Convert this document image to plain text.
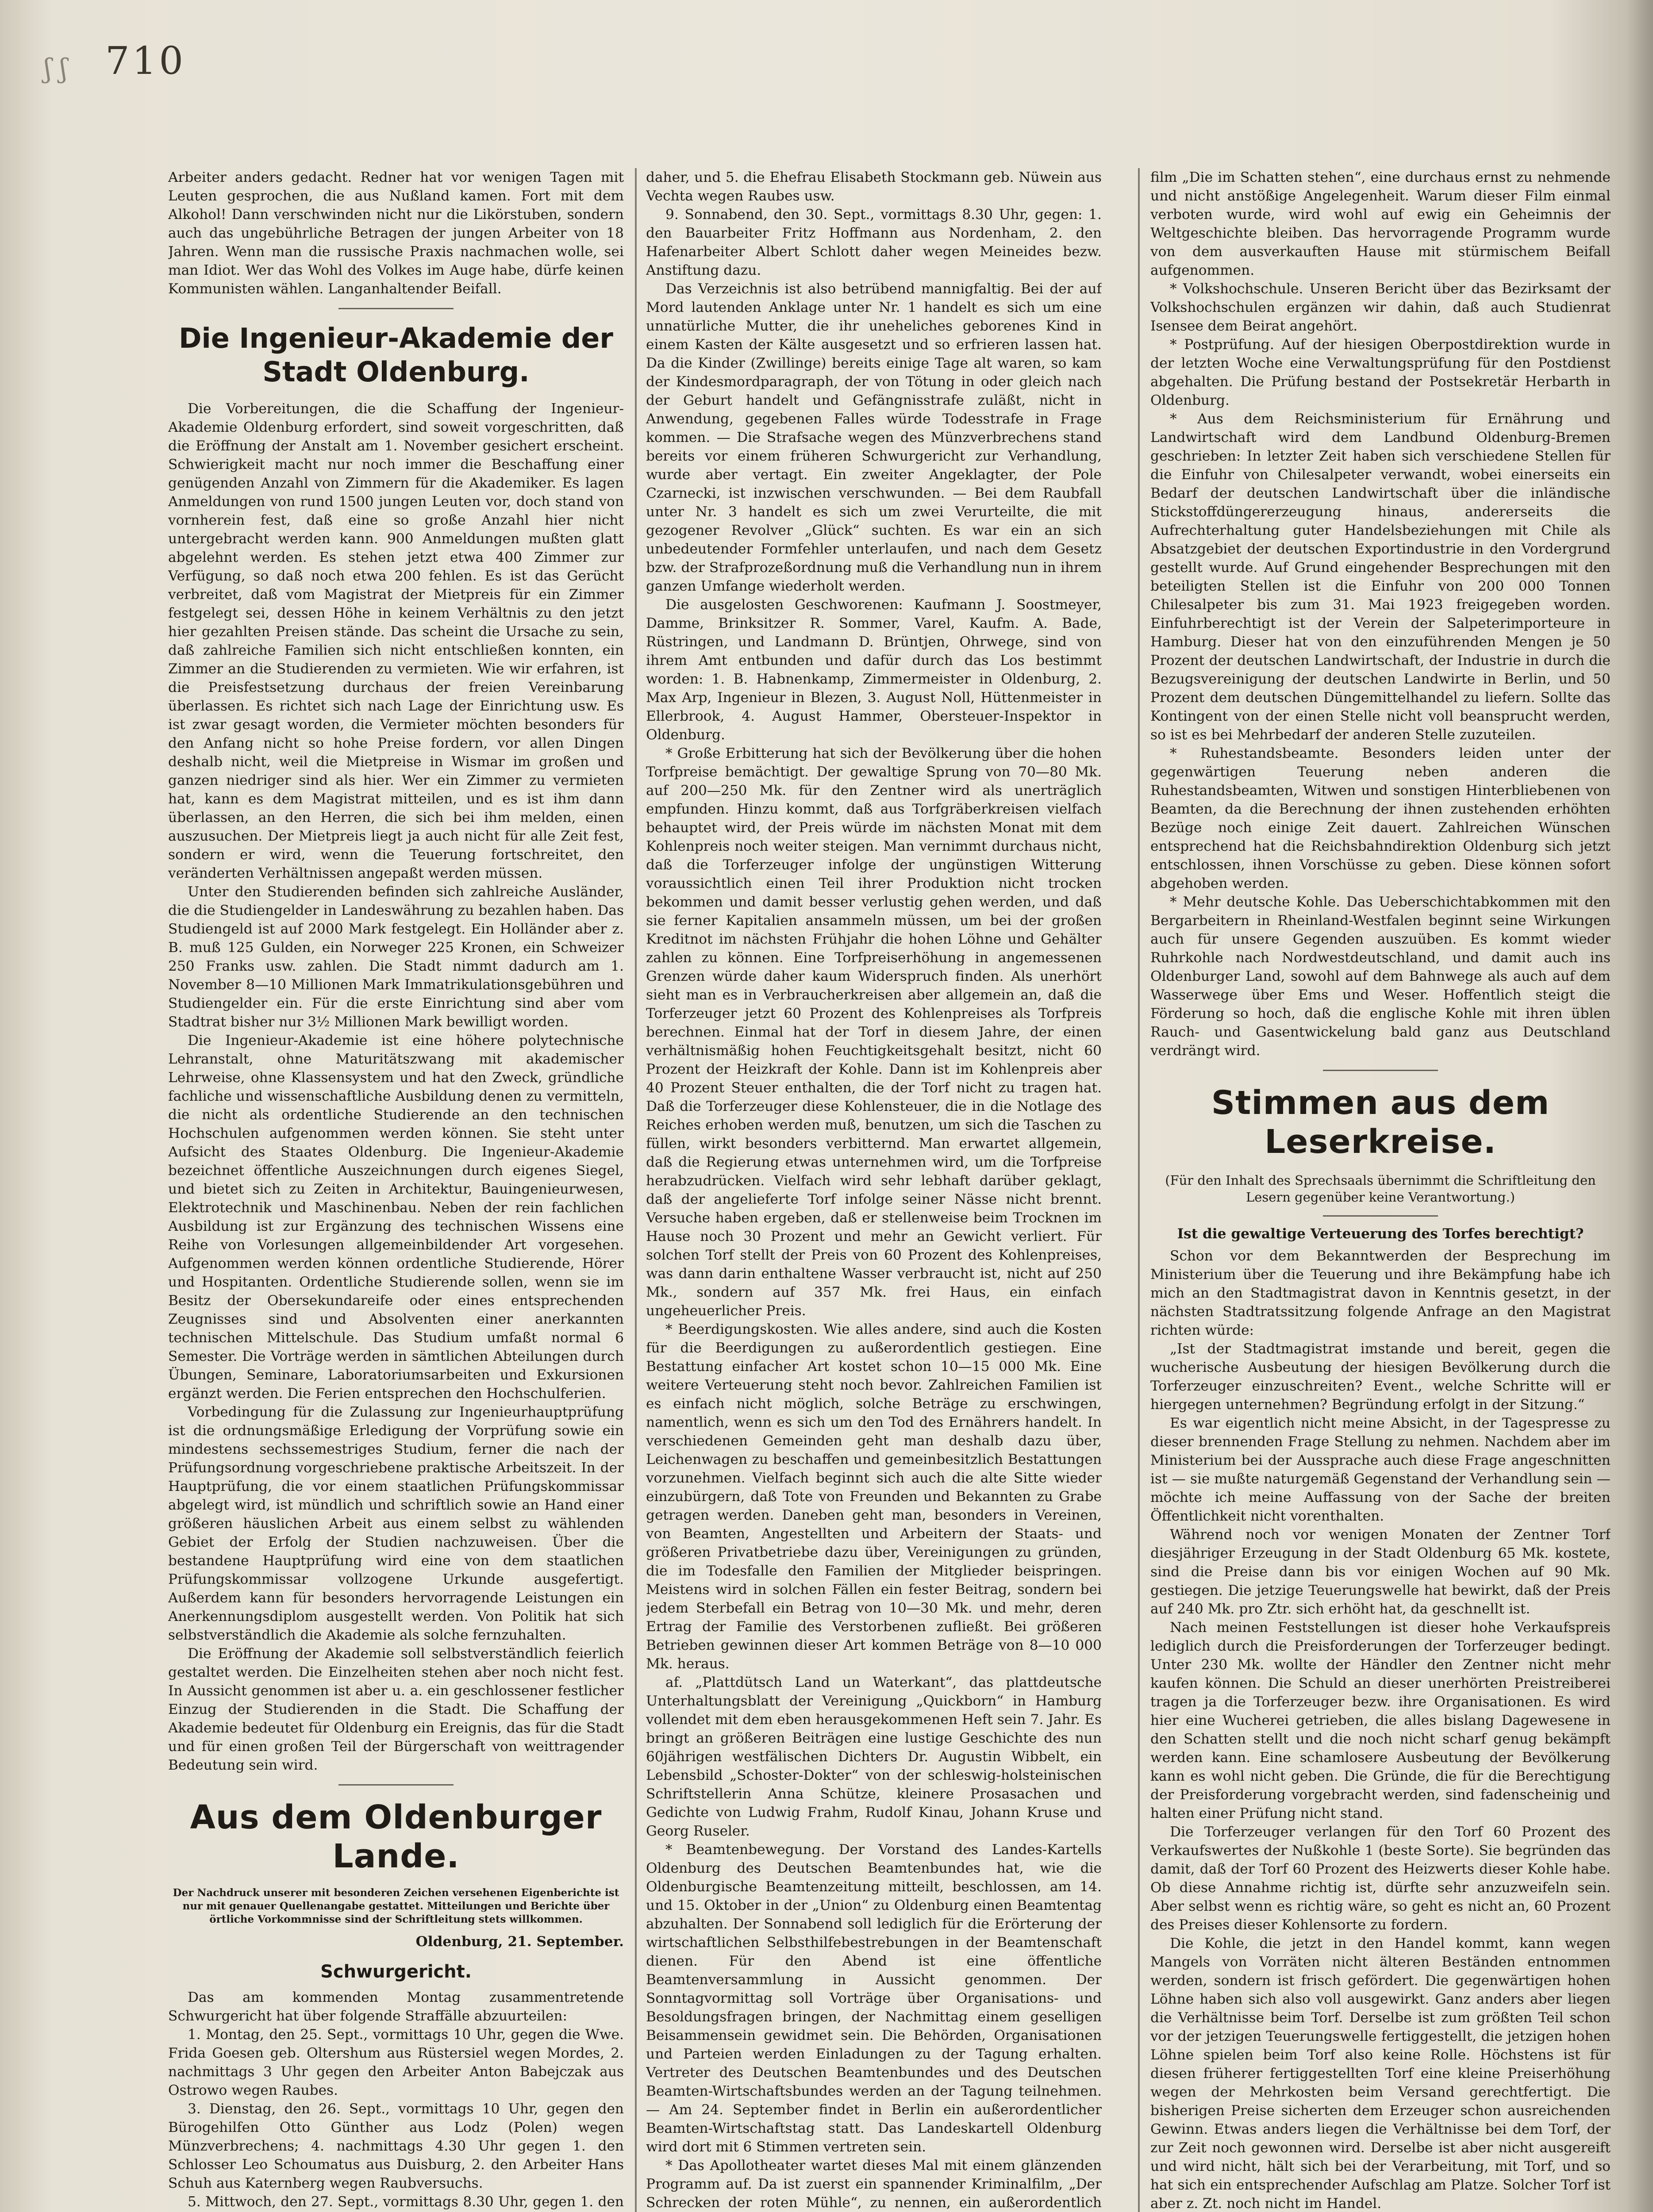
ʃ ʃ 710

Arbeiter anders gedacht. Redner hat vor wenigen Tagen mit Leuten gesprochen, die aus Nußland kamen. Fort mit dem Alkohol! Dann verschwinden nicht nur die Likörstuben, sondern auch das ungebührliche Betragen der jungen Arbeiter von 18 Jahren. Wenn man die russische Praxis nachmachen wolle, sei man Idiot. Wer das Wohl des Volkes im Auge habe, dürfe keinen Kommunisten wählen. Langanhaltender Beifall.

Die Ingenieur-Akademie der Stadt Oldenburg.

Die Vorbereitungen, die die Schaffung der Ingenieur-Akademie Oldenburg erfordert, sind soweit vorgeschritten, daß die Eröffnung der Anstalt am 1. November gesichert erscheint. Schwierigkeit macht nur noch immer die Beschaffung einer genügenden Anzahl von Zimmern für die Akademiker. Es lagen Anmeldungen von rund 1500 jungen Leuten vor, doch stand von vornherein fest, daß eine so große Anzahl hier nicht untergebracht werden kann. 900 Anmeldungen mußten glatt abgelehnt werden. Es stehen jetzt etwa 400 Zimmer zur Verfügung, so daß noch etwa 200 fehlen. Es ist das Gerücht verbreitet, daß vom Magistrat der Mietpreis für ein Zimmer festgelegt sei, dessen Höhe in keinem Verhältnis zu den jetzt hier gezahlten Preisen stände. Das scheint die Ursache zu sein, daß zahlreiche Familien sich nicht entschließen konnten, ein Zimmer an die Studierenden zu vermieten. Wie wir erfahren, ist die Preisfestsetzung durchaus der freien Vereinbarung überlassen. Es richtet sich nach Lage der Einrichtung usw. Es ist zwar gesagt worden, die Vermieter möchten besonders für den Anfang nicht so hohe Preise fordern, vor allen Dingen deshalb nicht, weil die Mietpreise in Wismar im großen und ganzen niedriger sind als hier. Wer ein Zimmer zu vermieten hat, kann es dem Magistrat mitteilen, und es ist ihm dann überlassen, an den Herren, die sich bei ihm melden, einen auszusuchen. Der Mietpreis liegt ja auch nicht für alle Zeit fest, sondern er wird, wenn die Teuerung fortschreitet, den veränderten Verhältnissen angepaßt werden müssen.

Unter den Studierenden befinden sich zahlreiche Ausländer, die die Studiengelder in Landeswährung zu bezahlen haben. Das Studiengeld ist auf 2000 Mark festgelegt. Ein Holländer aber z. B. muß 125 Gulden, ein Norweger 225 Kronen, ein Schweizer 250 Franks usw. zahlen. Die Stadt nimmt dadurch am 1. November 8—10 Millionen Mark Immatrikulationsgebühren und Studiengelder ein. Für die erste Einrichtung sind aber vom Stadtrat bisher nur 3½ Millionen Mark bewilligt worden.

Die Ingenieur-Akademie ist eine höhere polytechnische Lehranstalt, ohne Maturitätszwang mit akademischer Lehrweise, ohne Klassensystem und hat den Zweck, gründliche fachliche und wissenschaftliche Ausbildung denen zu vermitteln, die nicht als ordentliche Studierende an den technischen Hochschulen aufgenommen werden können. Sie steht unter Aufsicht des Staates Oldenburg. Die Ingenieur-Akademie bezeichnet öffentliche Auszeichnungen durch eigenes Siegel, und bietet sich zu Zeiten in Architektur, Bauingenieurwesen, Elektrotechnik und Maschinenbau. Neben der rein fachlichen Ausbildung ist zur Ergänzung des technischen Wissens eine Reihe von Vorlesungen allgemeinbildender Art vorgesehen. Aufgenommen werden können ordentliche Studierende, Hörer und Hospitanten. Ordentliche Studierende sollen, wenn sie im Besitz der Obersekundareife oder eines entsprechenden Zeugnisses sind und Absolventen einer anerkannten technischen Mittelschule. Das Studium umfaßt normal 6 Semester. Die Vorträge werden in sämtlichen Abteilungen durch Übungen, Seminare, Laboratoriumsarbeiten und Exkursionen ergänzt werden. Die Ferien entsprechen den Hochschulferien.

Vorbedingung für die Zulassung zur Ingenieurhauptprüfung ist die ordnungsmäßige Erledigung der Vorprüfung sowie ein mindestens sechssemestriges Studium, ferner die nach der Prüfungsordnung vorgeschriebene praktische Arbeitszeit. In der Hauptprüfung, die vor einem staatlichen Prüfungskommissar abgelegt wird, ist mündlich und schriftlich sowie an Hand einer größeren häuslichen Arbeit aus einem selbst zu wählenden Gebiet der Erfolg der Studien nachzuweisen. Über die bestandene Hauptprüfung wird eine von dem staatlichen Prüfungskommissar vollzogene Urkunde ausgefertigt. Außerdem kann für besonders hervorragende Leistungen ein Anerkennungsdiplom ausgestellt werden. Von Politik hat sich selbstverständlich die Akademie als solche fernzuhalten.

Die Eröffnung der Akademie soll selbstverständlich feierlich gestaltet werden. Die Einzelheiten stehen aber noch nicht fest. In Aussicht genommen ist aber u. a. ein geschlossener festlicher Einzug der Studierenden in die Stadt. Die Schaffung der Akademie bedeutet für Oldenburg ein Ereignis, das für die Stadt und für einen großen Teil der Bürgerschaft von weittragender Bedeutung sein wird.

Aus dem Oldenburger Lande.
Der Nachdruck unserer mit besonderen Zeichen versehenen Eigenberichte ist nur mit genauer Quellenangabe gestattet. Mitteilungen und Berichte über örtliche Vorkommnisse sind der Schriftleitung stets willkommen.
Oldenburg, 21. September.
Schwurgericht.

Das am kommenden Montag zusammentretende Schwurgericht hat über folgende Straffälle abzuurteilen:

1. Montag, den 25. Sept., vormittags 10 Uhr, gegen die Wwe. Frida Goesen geb. Oltershum aus Rüstersiel wegen Mordes, 2. nachmittags 3 Uhr gegen den Arbeiter Anton Babejczak aus Ostrowo wegen Raubes.

3. Dienstag, den 26. Sept., vormittags 10 Uhr, gegen den Bürogehilfen Otto Günther aus Lodz (Polen) wegen Münzverbrechens; 4. nachmittags 4.30 Uhr gegen 1. den Schlosser Leo Schoumatus aus Duisburg, 2. den Arbeiter Hans Schuh aus Katernberg wegen Raubversuchs.

5. Mittwoch, den 27. Sept., vormittags 8.30 Uhr, gegen 1. den

daher, und 5. die Ehefrau Elisabeth Stockmann geb. Nüwein aus Vechta wegen Raubes usw.

9. Sonnabend, den 30. Sept., vormittags 8.30 Uhr, gegen: 1. den Bauarbeiter Fritz Hoffmann aus Nordenham, 2. den Hafenarbeiter Albert Schlott daher wegen Meineides bezw. Anstiftung dazu.

Das Verzeichnis ist also betrübend mannigfaltig. Bei der auf Mord lautenden Anklage unter Nr. 1 handelt es sich um eine unnatürliche Mutter, die ihr uneheliches geborenes Kind in einem Kasten der Kälte ausgesetzt und so erfrieren lassen hat. Da die Kinder (Zwillinge) bereits einige Tage alt waren, so kam der Kindesmordparagraph, der von Tötung in oder gleich nach der Geburt handelt und Gefängnisstrafe zuläßt, nicht in Anwendung, gegebenen Falles würde Todesstrafe in Frage kommen. — Die Strafsache wegen des Münzverbrechens stand bereits vor einem früheren Schwurgericht zur Verhandlung, wurde aber vertagt. Ein zweiter Angeklagter, der Pole Czarnecki, ist inzwischen verschwunden. — Bei dem Raubfall unter Nr. 3 handelt es sich um zwei Verurteilte, die mit gezogener Revolver „Glück“ suchten. Es war ein an sich unbedeutender Formfehler unterlaufen, und nach dem Gesetz bzw. der Strafprozeßordnung muß die Verhandlung nun in ihrem ganzen Umfange wiederholt werden.

Die ausgelosten Geschworenen: Kaufmann J. Soostmeyer, Damme, Brinksitzer R. Sommer, Varel, Kaufm. A. Bade, Rüstringen, und Landmann D. Brüntjen, Ohrwege, sind von ihrem Amt entbunden und dafür durch das Los bestimmt worden: 1. B. Habnenkamp, Zimmermeister in Oldenburg, 2. Max Arp, Ingenieur in Blezen, 3. August Noll, Hüttenmeister in Ellerbrook, 4. August Hammer, Obersteuer-Inspektor in Oldenburg.

* Große Erbitterung hat sich der Bevölkerung über die hohen Torfpreise bemächtigt. Der gewaltige Sprung von 70—80 Mk. auf 200—250 Mk. für den Zentner wird als unerträglich empfunden. Hinzu kommt, daß aus Torfgräberkreisen vielfach behauptet wird, der Preis würde im nächsten Monat mit dem Kohlenpreis noch weiter steigen. Man vernimmt durchaus nicht, daß die Torferzeuger infolge der ungünstigen Witterung voraussichtlich einen Teil ihrer Produktion nicht trocken bekommen und damit besser verlustig gehen werden, und daß sie ferner Kapitalien ansammeln müssen, um bei der großen Kreditnot im nächsten Frühjahr die hohen Löhne und Gehälter zahlen zu können. Eine Torfpreiserhöhung in angemessenen Grenzen würde daher kaum Widerspruch finden. Als unerhört sieht man es in Verbraucherkreisen aber allgemein an, daß die Torferzeuger jetzt 60 Prozent des Kohlenpreises als Torfpreis berechnen. Einmal hat der Torf in diesem Jahre, der einen verhältnismäßig hohen Feuchtigkeitsgehalt besitzt, nicht 60 Prozent der Heizkraft der Kohle. Dann ist im Kohlenpreis aber 40 Prozent Steuer enthalten, die der Torf nicht zu tragen hat. Daß die Torferzeuger diese Kohlensteuer, die in die Notlage des Reiches erhoben werden muß, benutzen, um sich die Taschen zu füllen, wirkt besonders verbitternd. Man erwartet allgemein, daß die Regierung etwas unternehmen wird, um die Torfpreise herabzudrücken. Vielfach wird sehr lebhaft darüber geklagt, daß der angelieferte Torf infolge seiner Nässe nicht brennt. Versuche haben ergeben, daß er stellenweise beim Trocknen im Hause noch 30 Prozent und mehr an Gewicht verliert. Für solchen Torf stellt der Preis von 60 Prozent des Kohlenpreises, was dann darin enthaltene Wasser verbraucht ist, nicht auf 250 Mk., sondern auf 357 Mk. frei Haus, ein einfach ungeheuerlicher Preis.

* Beerdigungskosten. Wie alles andere, sind auch die Kosten für die Beerdigungen zu außerordentlich gestiegen. Eine Bestattung einfacher Art kostet schon 10—15 000 Mk. Eine weitere Verteuerung steht noch bevor. Zahlreichen Familien ist es einfach nicht möglich, solche Beträge zu erschwingen, namentlich, wenn es sich um den Tod des Ernährers handelt. In verschiedenen Gemeinden geht man deshalb dazu über, Leichenwagen zu beschaffen und gemeinbesitzlich Bestattungen vorzunehmen. Vielfach beginnt sich auch die alte Sitte wieder einzubürgern, daß Tote von Freunden und Bekannten zu Grabe getragen werden. Daneben geht man, besonders in Vereinen, von Beamten, Angestellten und Arbeitern der Staats- und größeren Privatbetriebe dazu über, Vereinigungen zu gründen, die im Todesfalle den Familien der Mitglieder beispringen. Meistens wird in solchen Fällen ein fester Beitrag, sondern bei jedem Sterbefall ein Betrag von 10—30 Mk. und mehr, deren Ertrag der Familie des Verstorbenen zufließt. Bei größeren Betrieben gewinnen dieser Art kommen Beträge von 8—10 000 Mk. heraus.

af. „Plattdütsch Land un Waterkant“, das plattdeutsche Unterhaltungsblatt der Vereinigung „Quickborn“ in Hamburg vollendet mit dem eben herausgekommenen Heft sein 7. Jahr. Es bringt an größeren Beiträgen eine lustige Geschichte des nun 60jährigen westfälischen Dichters Dr. Augustin Wibbelt, ein Lebensbild „Schoster-Dokter“ von der schleswig-holsteinischen Schriftstellerin Anna Schütze, kleinere Prosasachen und Gedichte von Ludwig Frahm, Rudolf Kinau, Johann Kruse und Georg Ruseler.

* Beamtenbewegung. Der Vorstand des Landes-Kartells Oldenburg des Deutschen Beamtenbundes hat, wie die Oldenburgische Beamtenzeitung mitteilt, beschlossen, am 14. und 15. Oktober in der „Union“ zu Oldenburg einen Beamtentag abzuhalten. Der Sonnabend soll lediglich für die Erörterung der wirtschaftlichen Selbsthilfebestrebungen in der Beamtenschaft dienen. Für den Abend ist eine öffentliche Beamtenversammlung in Aussicht genommen. Der Sonntagvormittag soll Vorträge über Organisations- und Besoldungsfragen bringen, der Nachmittag einem geselligen Beisammensein gewidmet sein. Die Behörden, Organisationen und Parteien werden Einladungen zu der Tagung erhalten. Vertreter des Deutschen Beamtenbundes und des Deutschen Beamten-Wirtschaftsbundes werden an der Tagung teilnehmen. — Am 24. September findet in Berlin ein außerordentlicher Beamten-Wirtschaftstag statt. Das Landeskartell Oldenburg wird dort mit 6 Stimmen vertreten sein.

* Das Apollotheater wartet dieses Mal mit einem glänzenden Programm auf. Da ist zuerst ein spannender Kriminalfilm, „Der Schrecken der roten Mühle“, zu nennen, ein außerordentlich

film „Die im Schatten stehen“, eine durchaus ernst zu nehmende und nicht anstößige Angelegenheit. Warum dieser Film einmal verboten wurde, wird wohl auf ewig ein Geheimnis der Weltgeschichte bleiben. Das hervorragende Programm wurde von dem ausverkauften Hause mit stürmischem Beifall aufgenommen.

* Volkshochschule. Unseren Bericht über das Bezirksamt der Volkshochschulen ergänzen wir dahin, daß auch Studienrat Isensee dem Beirat angehört.

* Postprüfung. Auf der hiesigen Oberpostdirektion wurde in der letzten Woche eine Verwaltungsprüfung für den Postdienst abgehalten. Die Prüfung bestand der Postsekretär Herbarth in Oldenburg.

* Aus dem Reichsministerium für Ernährung und Landwirtschaft wird dem Landbund Oldenburg-Bremen geschrieben: In letzter Zeit haben sich verschiedene Stellen für die Einfuhr von Chilesalpeter verwandt, wobei einerseits ein Bedarf der deutschen Landwirtschaft über die inländische Stickstoffdüngererzeugung hinaus, andererseits die Aufrechterhaltung guter Handelsbeziehungen mit Chile als Absatzgebiet der deutschen Exportindustrie in den Vordergrund gestellt wurde. Auf Grund eingehender Besprechungen mit den beteiligten Stellen ist die Einfuhr von 200 000 Tonnen Chilesalpeter bis zum 31. Mai 1923 freigegeben worden. Einfuhrberechtigt ist der Verein der Salpeterimporteure in Hamburg. Dieser hat von den einzuführenden Mengen je 50 Prozent der deutschen Landwirtschaft, der Industrie in durch die Bezugsvereinigung der deutschen Landwirte in Berlin, und 50 Prozent dem deutschen Düngemittelhandel zu liefern. Sollte das Kontingent von der einen Stelle nicht voll beansprucht werden, so ist es bei Mehrbedarf der anderen Stelle zuzuteilen.

* Ruhestandsbeamte. Besonders leiden unter der gegenwärtigen Teuerung neben anderen die Ruhestandsbeamten, Witwen und sonstigen Hinterbliebenen von Beamten, da die Berechnung der ihnen zustehenden erhöhten Bezüge noch einige Zeit dauert. Zahlreichen Wünschen entsprechend hat die Reichsbahndirektion Oldenburg sich jetzt entschlossen, ihnen Vorschüsse zu geben. Diese können sofort abgehoben werden.

* Mehr deutsche Kohle. Das Ueberschichtabkommen mit den Bergarbeitern in Rheinland-Westfalen beginnt seine Wirkungen auch für unsere Gegenden auszuüben. Es kommt wieder Ruhrkohle nach Nordwestdeutschland, und damit auch ins Oldenburger Land, sowohl auf dem Bahnwege als auch auf dem Wasserwege über Ems und Weser. Hoffentlich steigt die Förderung so hoch, daß die englische Kohle mit ihren üblen Rauch- und Gasentwickelung bald ganz aus Deutschland verdrängt wird.

Stimmen aus dem Leserkreise.

(Für den Inhalt des Sprechsaals übernimmt die Schriftleitung den Lesern gegenüber keine Verantwortung.)

Ist die gewaltige Verteuerung des Torfes berechtigt?

Schon vor dem Bekanntwerden der Besprechung im Ministerium über die Teuerung und ihre Bekämpfung habe ich mich an den Stadtmagistrat davon in Kenntnis gesetzt, in der nächsten Stadtratssitzung folgende Anfrage an den Magistrat richten würde:

„Ist der Stadtmagistrat imstande und bereit, gegen die wucherische Ausbeutung der hiesigen Bevölkerung durch die Torferzeuger einzuschreiten? Event., welche Schritte will er hiergegen unternehmen? Begründung erfolgt in der Sitzung.“

Es war eigentlich nicht meine Absicht, in der Tagespresse zu dieser brennenden Frage Stellung zu nehmen. Nachdem aber im Ministerium bei der Aussprache auch diese Frage angeschnitten ist — sie mußte naturgemäß Gegenstand der Verhandlung sein — möchte ich meine Auffassung von der Sache der breiten Öffentlichkeit nicht vorenthalten.

Während noch vor wenigen Monaten der Zentner Torf diesjähriger Erzeugung in der Stadt Oldenburg 65 Mk. kostete, sind die Preise dann bis vor einigen Wochen auf 90 Mk. gestiegen. Die jetzige Teuerungswelle hat bewirkt, daß der Preis auf 240 Mk. pro Ztr. sich erhöht hat, da geschnellt ist.

Nach meinen Feststellungen ist dieser hohe Verkaufspreis lediglich durch die Preisforderungen der Torferzeuger bedingt. Unter 230 Mk. wollte der Händler den Zentner nicht mehr kaufen können. Die Schuld an dieser unerhörten Preistreiberei tragen ja die Torferzeuger bezw. ihre Organisationen. Es wird hier eine Wucherei getrieben, die alles bislang Dagewesene in den Schatten stellt und die noch nicht scharf genug bekämpft werden kann. Eine schamlosere Ausbeutung der Bevölkerung kann es wohl nicht geben. Die Gründe, die für die Berechtigung der Preisforderung vorgebracht werden, sind fadenscheinig und halten einer Prüfung nicht stand.

Die Torferzeuger verlangen für den Torf 60 Prozent des Verkaufswertes der Nußkohle 1 (beste Sorte). Sie begründen das damit, daß der Torf 60 Prozent des Heizwerts dieser Kohle habe. Ob diese Annahme richtig ist, dürfte sehr anzuzweifeln sein. Aber selbst wenn es richtig wäre, so geht es nicht an, 60 Prozent des Preises dieser Kohlensorte zu fordern.

Die Kohle, die jetzt in den Handel kommt, kann wegen Mangels von Vorräten nicht älteren Beständen entnommen werden, sondern ist frisch gefördert. Die gegenwärtigen hohen Löhne haben sich also voll ausgewirkt. Ganz anders aber liegen die Verhältnisse beim Torf. Derselbe ist zum größten Teil schon vor der jetzigen Teuerungswelle fertiggestellt, die jetzigen hohen Löhne spielen beim Torf also keine Rolle. Höchstens ist für diesen früherer fertiggestellten Torf eine kleine Preiserhöhung wegen der Mehrkosten beim Versand gerechtfertigt. Die bisherigen Preise sicherten dem Erzeuger schon ausreichenden Gewinn. Etwas anders liegen die Verhältnisse bei dem Torf, der zur Zeit noch gewonnen wird. Derselbe ist aber nicht ausgereift und wird nicht, hält sich bei der Verarbeitung, mit Torf, und so hat sich ein entsprechender Aufschlag am Platze. Solcher Torf ist aber z. Zt. noch nicht im Handel.
